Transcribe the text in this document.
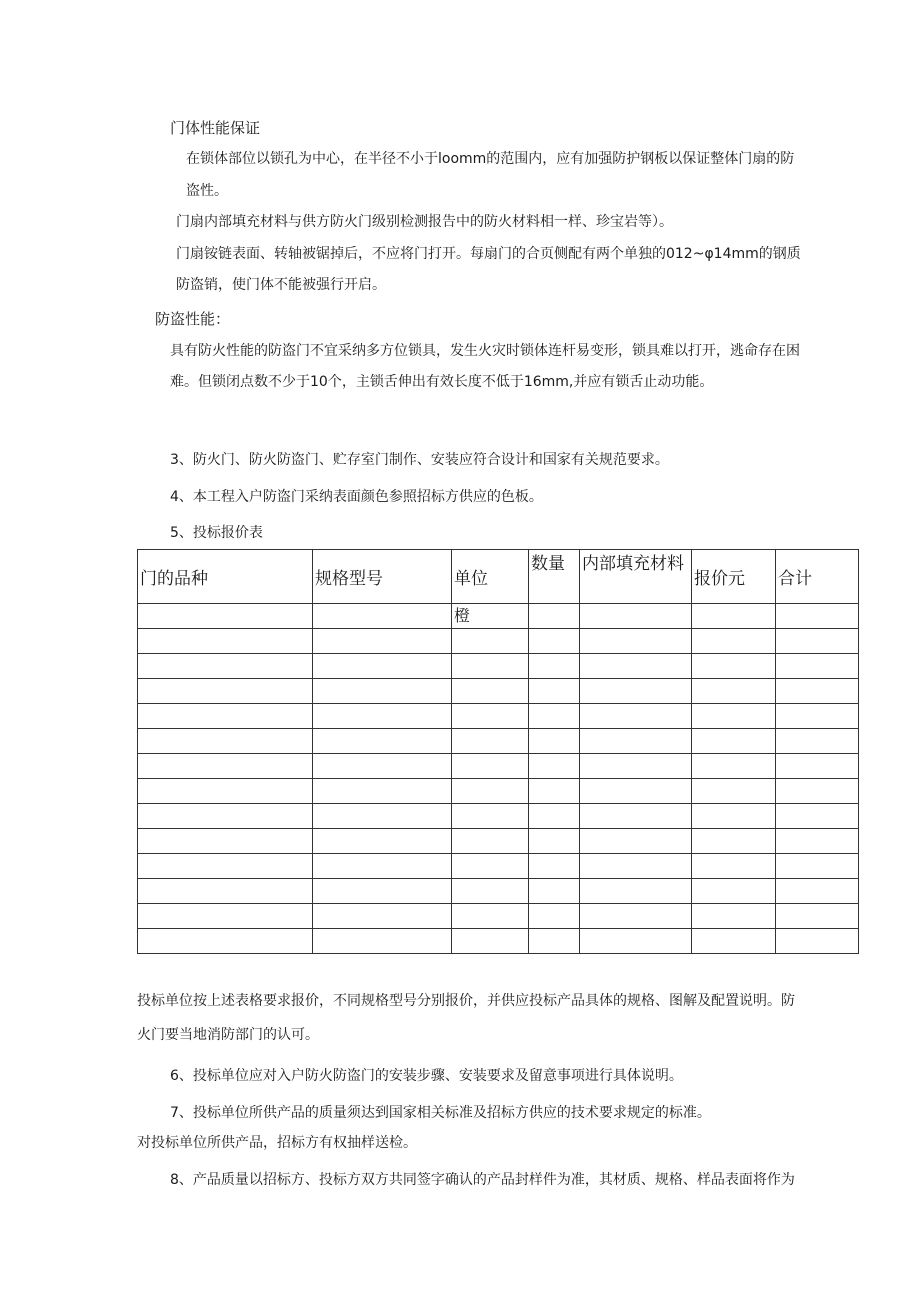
门体性能保证
在锁体部位以锁孔为中心，在半径不小于loomm的范围内，应有加强防护钢板以保证整体门扇的防
盗性。
门扇内部填充材料与供方防火门级别检测报告中的防火材料相一样、珍宝岩等）。
门扇铵链表面、转轴被锯掉后，不应将门打开。每扇门的合页侧配有两个单独的012~φ14mm的钢质
防盗销，使门体不能被强行开启。
防盗性能：
具有防火性能的防盗门不宜采纳多方位锁具，发生火灾时锁体连杆易变形，锁具难以打开，逃命存在困
难。但锁闭点数不少于10个，主锁舌伸出有效长度不低于16mm,并应有锁舌止动功能。
3、防火门、防火防盗门、贮存室门制作、安装应符合设计和国家有关规范要求。
4、本工程入户防盗门采纳表面颜色参照招标方供应的色板。
5、投标报价表
门的品种	规格型号	单位	数量	内部填充材料	报价元	合计
		橙				

投标单位按上述表格要求报价，不同规格型号分别报价，并供应投标产品具体的规格、图解及配置说明。防
火门要当地消防部门的认可。
6、投标单位应对入户防火防盗门的安装步骤、安装要求及留意事项进行具体说明。
7、投标单位所供产品的质量须达到国家相关标准及招标方供应的技术要求规定的标准。
对投标单位所供产品，招标方有权抽样送检。
8、产品质量以招标方、投标方双方共同签字确认的产品封样件为准，其材质、规格、样品表面将作为
